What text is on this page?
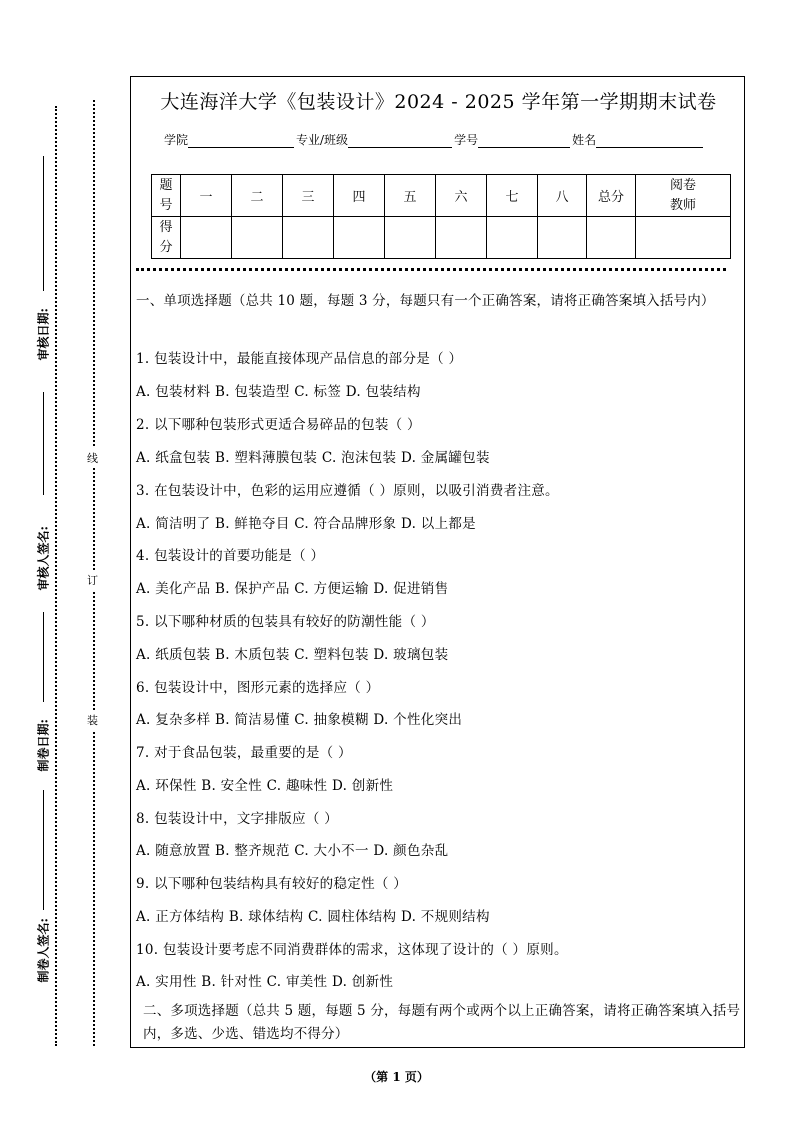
审核日期:
审核人签名:
制卷日期:
制卷人签名:
线
订
装
大连海洋大学《包装设计》2024 - 2025 学年第一学期期末试卷
学院	专业/班级	学号	姓名
题
号	一	二	三	四	五	六	七	八	总分	阅卷
教师
得
分										
一、单项选择题（总共 10 题，每题 3 分，每题只有一个正确答案，请将正确答案填入括号内）
1. 包装设计中，最能直接体现产品信息的部分是（ ）
A. 包装材料 B. 包装造型 C. 标签 D. 包装结构
2. 以下哪种包装形式更适合易碎品的包装（ ）
A. 纸盒包装 B. 塑料薄膜包装 C. 泡沫包装 D. 金属罐包装
3. 在包装设计中，色彩的运用应遵循（ ）原则，以吸引消费者注意。
A. 简洁明了 B. 鲜艳夺目 C. 符合品牌形象 D. 以上都是
4. 包装设计的首要功能是（ ）
A. 美化产品 B. 保护产品 C. 方便运输 D. 促进销售
5. 以下哪种材质的包装具有较好的防潮性能（ ）
A. 纸质包装 B. 木质包装 C. 塑料包装 D. 玻璃包装
6. 包装设计中，图形元素的选择应（ ）
A. 复杂多样 B. 简洁易懂 C. 抽象模糊 D. 个性化突出
7. 对于食品包装，最重要的是（ ）
A. 环保性 B. 安全性 C. 趣味性 D. 创新性
8. 包装设计中，文字排版应（ ）
A. 随意放置 B. 整齐规范 C. 大小不一 D. 颜色杂乱
9. 以下哪种包装结构具有较好的稳定性（ ）
A. 正方体结构 B. 球体结构 C. 圆柱体结构 D. 不规则结构
10. 包装设计要考虑不同消费群体的需求，这体现了设计的（ ）原则。
A. 实用性 B. 针对性 C. 审美性 D. 创新性
二、多项选择题（总共 5 题，每题 5 分，每题有两个或两个以上正确答案，请将正确答案填入括号内，多选、少选、错选均不得分）
（第 1 页）
